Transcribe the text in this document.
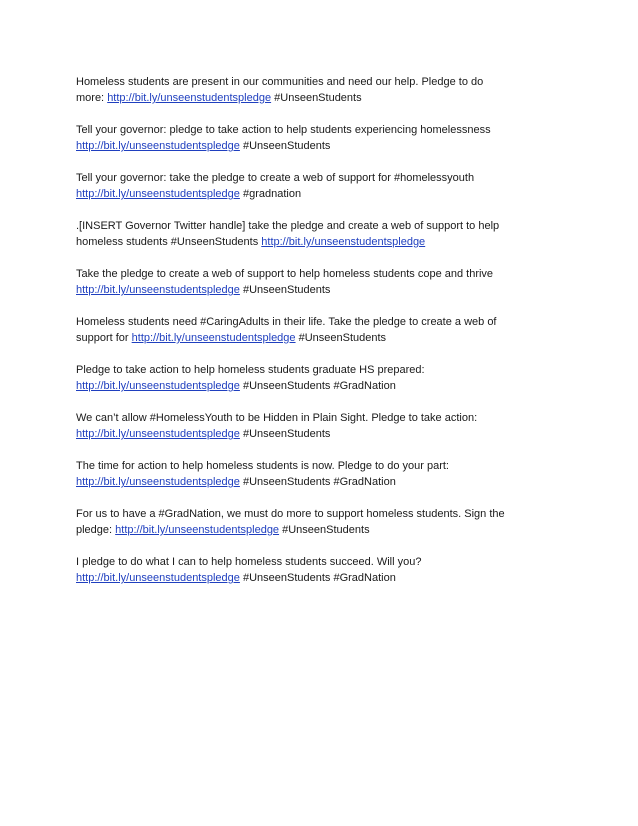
Homeless students are present in our communities and need our help. Pledge to do
more: http://bit.ly/unseenstudentspledge #UnseenStudents

Tell your governor: pledge to take action to help students experiencing homelessness
http://bit.ly/unseenstudentspledge #UnseenStudents

Tell your governor: take the pledge to create a web of support for #homelessyouth
http://bit.ly/unseenstudentspledge #gradnation

.[INSERT Governor Twitter handle] take the pledge and create a web of support to help
homeless students #UnseenStudents http://bit.ly/unseenstudentspledge

Take the pledge to create a web of support to help homeless students cope and thrive
http://bit.ly/unseenstudentspledge #UnseenStudents

Homeless students need #CaringAdults in their life. Take the pledge to create a web of
support for http://bit.ly/unseenstudentspledge #UnseenStudents

Pledge to take action to help homeless students graduate HS prepared:
http://bit.ly/unseenstudentspledge #UnseenStudents #GradNation

We can’t allow #HomelessYouth to be Hidden in Plain Sight. Pledge to take action:
http://bit.ly/unseenstudentspledge #UnseenStudents

The time for action to help homeless students is now. Pledge to do your part:
http://bit.ly/unseenstudentspledge #UnseenStudents #GradNation

For us to have a #GradNation, we must do more to support homeless students. Sign the
pledge: http://bit.ly/unseenstudentspledge #UnseenStudents

I pledge to do what I can to help homeless students succeed. Will you?
http://bit.ly/unseenstudentspledge #UnseenStudents #GradNation
